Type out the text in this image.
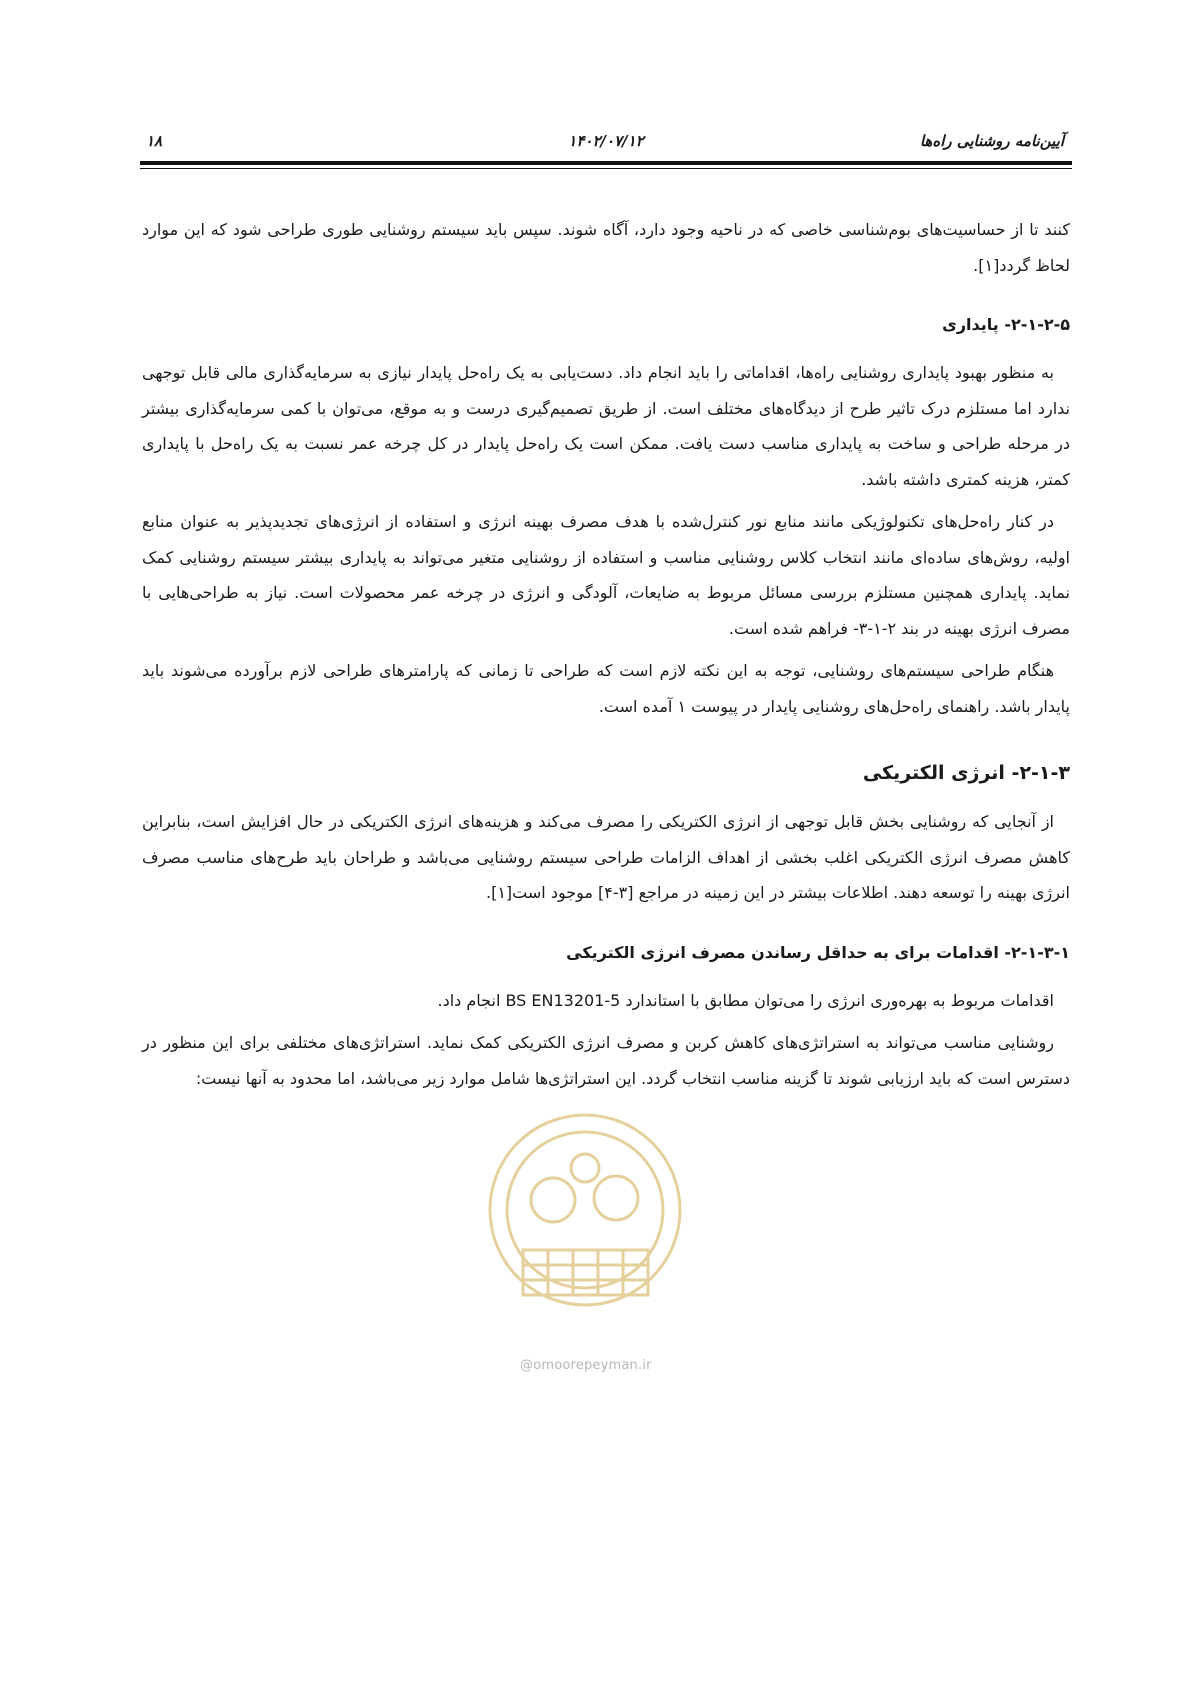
۱۸	۱۴۰۲/۰۷/۱۲	آیین‌نامه روشنایی راه‌ها

کنند تا از حساسیت‌های بوم‌شناسی خاصی که در ناحیه وجود دارد، آگاه شوند. سپس باید سیستم روشنایی طوری طراحی شود که این موارد لحاظ گردد[۱].

۲-۱-۲-۵- پایداری

به منظور بهبود پایداری روشنایی راه‌ها، اقداماتی را باید انجام داد. دست‌یابی به یک راه‌حل پایدار نیازی به سرمایه‌گذاری مالی قابل توجهی ندارد اما مستلزم درک تاثیر طرح از دیدگاه‌های مختلف است. از طریق تصمیم‌گیری درست و به موقع، می‌توان با کمی سرمایه‌گذاری بیشتر در مرحله طراحی و ساخت به پایداری مناسب دست یافت. ممکن است یک راه‌حل پایدار در کل چرخه عمر نسبت به یک راه‌حل با پایداری کمتر، هزینه کمتری داشته باشد.

در کنار راه‌حل‌های تکنولوژیکی مانند منابع نور کنترل‌شده با هدف مصرف بهینه انرژی و استفاده از انرژی‌های تجدیدپذیر به عنوان منابع اولیه، روش‌های ساده‌ای مانند انتخاب کلاس روشنایی مناسب و استفاده از روشنایی متغیر می‌تواند به پایداری بیشتر سیستم روشنایی کمک نماید. پایداری همچنین مستلزم بررسی مسائل مربوط به ضایعات، آلودگی و انرژی در چرخه عمر محصولات است. نیاز به طراحی‌هایی با مصرف انرژی بهینه در بند ۲-۱-۳- فراهم شده است.

هنگام طراحی سیستم‌های روشنایی، توجه به این نکته لازم است که طراحی تا زمانی که پارامترهای طراحی لازم برآورده می‌شوند باید پایدار باشد. راهنمای راه‌حل‌های روشنایی پایدار در پیوست ۱ آمده است.

۲-۱-۳- انرژی الکتریکی

از آنجایی که روشنایی بخش قابل توجهی از انرژی الکتریکی را مصرف می‌کند و هزینه‌های انرژی الکتریکی در حال افزایش است، بنابراین کاهش مصرف انرژی الکتریکی اغلب بخشی از اهداف الزامات طراحی سیستم روشنایی می‌باشد و طراحان باید طرح‌های مناسب مصرف انرژی بهینه را توسعه دهند. اطلاعات بیشتر در این زمینه در مراجع [۳-۴] موجود است[۱].

۲-۱-۳-۱- اقدامات برای به حداقل رساندن مصرف انرژی الکتریکی

اقدامات مربوط به بهره‌وری انرژی را می‌توان مطابق با استاندارد BS EN13201-5 انجام داد.

روشنایی مناسب می‌تواند به استراتژی‌های کاهش کربن و مصرف انرژی الکتریکی کمک نماید. استراتژی‌های مختلفی برای این منظور در دسترس است که باید ارزیابی شوند تا گزینه مناسب انتخاب گردد. این استراتژی‌ها شامل موارد زیر می‌باشد، اما محدود به آنها نیست:

@omoorepeyman.ir
